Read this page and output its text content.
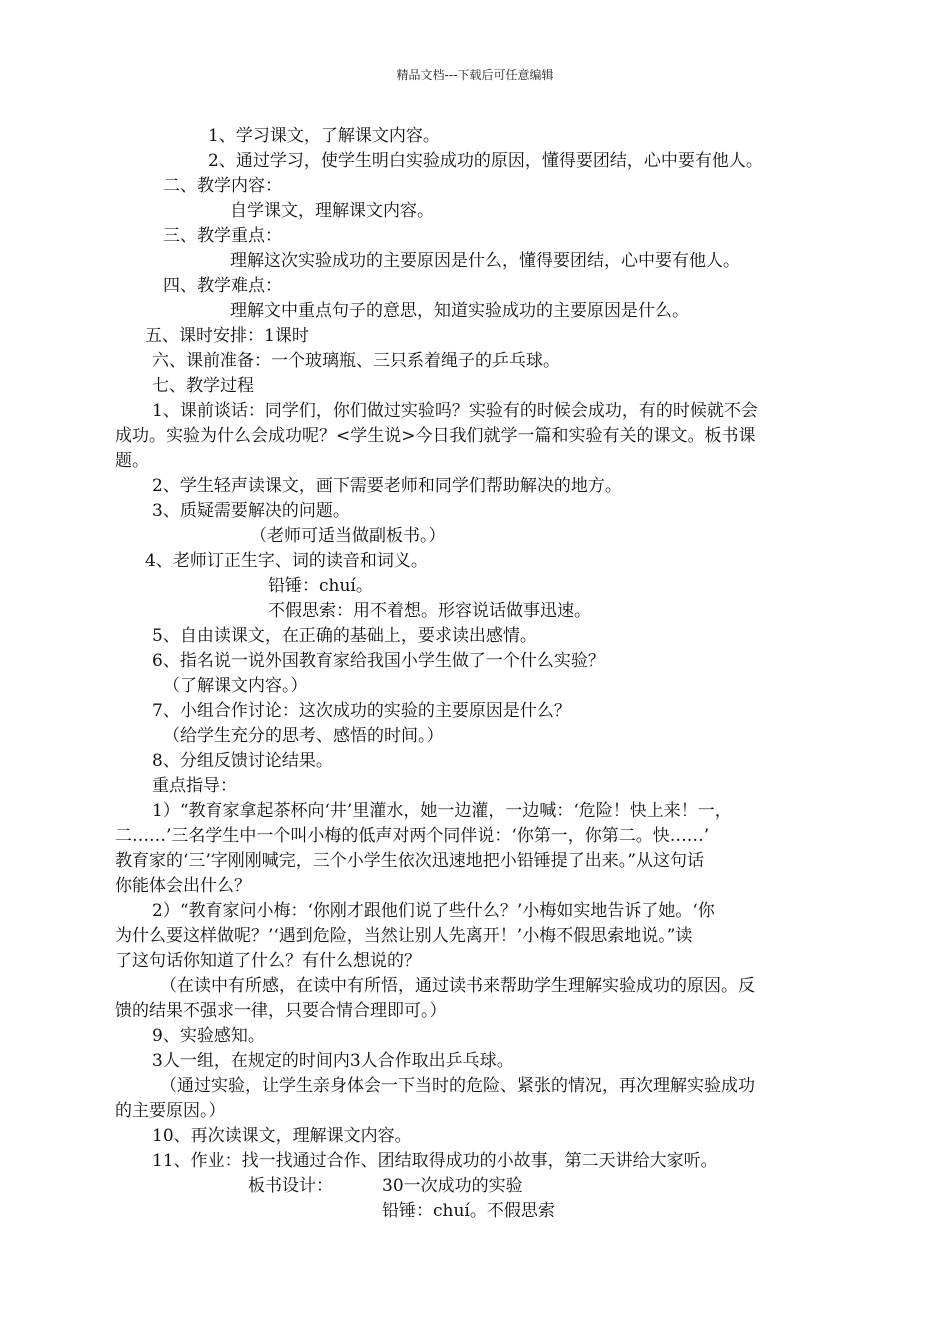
精品文档---下载后可任意编辑
1、学习课文，了解课文内容。
2、通过学习，使学生明白实验成功的原因，懂得要团结，心中要有他人。
二、教学内容：
自学课文，理解课文内容。
三、教学重点：
理解这次实验成功的主要原因是什么，懂得要团结，心中要有他人。
四、教学难点：
理解文中重点句子的意思，知道实验成功的主要原因是什么。
五、课时安排：1课时
六、课前准备：一个玻璃瓶、三只系着绳子的乒乓球。
七、教学过程
1、课前谈话：同学们，你们做过实验吗？实验有的时候会成功，有的时候就不会
成功。实验为什么会成功呢？<学生说>今日我们就学一篇和实验有关的课文。板书课
题。
2、学生轻声读课文，画下需要老师和同学们帮助解决的地方。
3、质疑需要解决的问题。
（老师可适当做副板书。）
4、老师订正生字、词的读音和词义。
铅锤：chuí。
不假思索：用不着想。形容说话做事迅速。
5、自由读课文，在正确的基础上，要求读出感情。
6、指名说一说外国教育家给我国小学生做了一个什么实验？
（了解课文内容。）
7、小组合作讨论：这次成功的实验的主要原因是什么？
（给学生充分的思考、感悟的时间。）
8、分组反馈讨论结果。
重点指导：
1）“教育家拿起茶杯向‘井’里灌水，她一边灌，一边喊：‘危险！快上来！一，
二……’三名学生中一个叫小梅的低声对两个同伴说：‘你第一，你第二。快……’
教育家的‘三’字刚刚喊完，三个小学生依次迅速地把小铅锤提了出来。”从这句话
你能体会出什么？
2）“教育家问小梅：‘你刚才跟他们说了些什么？’小梅如实地告诉了她。‘你
为什么要这样做呢？’‘遇到危险，当然让别人先离开！’小梅不假思索地说。”读
了这句话你知道了什么？有什么想说的？
（在读中有所感，在读中有所悟，通过读书来帮助学生理解实验成功的原因。反
馈的结果不强求一律，只要合情合理即可。）
9、实验感知。
3人一组，在规定的时间内3人合作取出乒乓球。
（通过实验，让学生亲身体会一下当时的危险、紧张的情况，再次理解实验成功
的主要原因。）
10、再次读课文，理解课文内容。
11、作业：找一找通过合作、团结取得成功的小故事，第二天讲给大家听。
板书设计：	30一次成功的实验
铅锤：chuí。不假思索
